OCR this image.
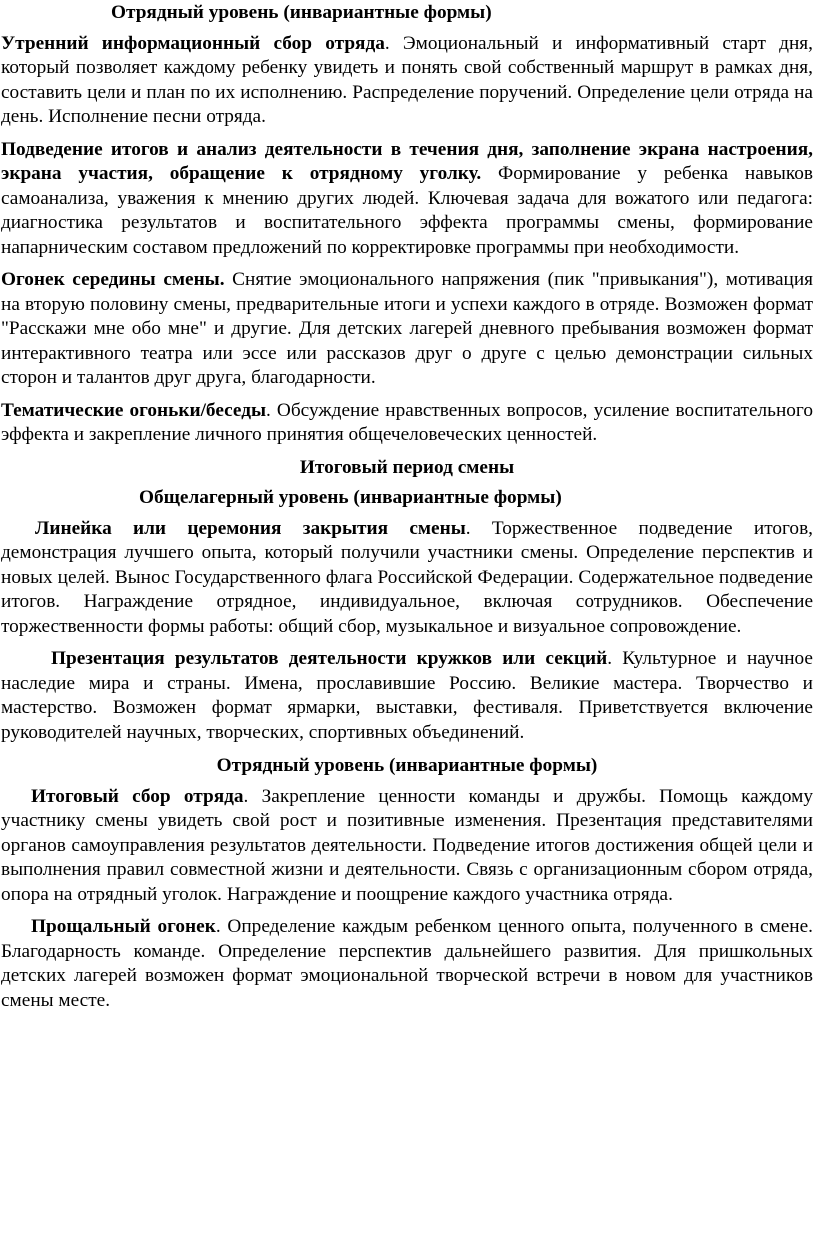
Отрядный уровень (инвариантные формы)

Утренний информационный сбор отряда. Эмоциональный и информативный старт дня, который позволяет каждому ребенку увидеть и понять свой собственный маршрут в рамках дня, составить цели и план по их исполнению. Распределение поручений. Определение цели отряда на день. Исполнение песни отряда.

Подведение итогов и анализ деятельности в течения дня, заполнение экрана настроения, экрана участия, обращение к отрядному уголку. Формирование у ребенка навыков самоанализа, уважения к мнению других людей. Ключевая задача для вожатого или педагога: диагностика результатов и воспитательного эффекта программы смены, формирование напарническим составом предложений по корректировке программы при необходимости.

Огонек середины смены. Снятие эмоционального напряжения (пик "привыкания"), мотивация на вторую половину смены, предварительные итоги и успехи каждого в отряде. Возможен формат "Расскажи мне обо мне" и другие. Для детских лагерей дневного пребывания возможен формат интерактивного театра или эссе или рассказов друг о друге с целью демонстрации сильных сторон и талантов друг друга, благодарности.

Тематические огоньки/беседы. Обсуждение нравственных вопросов, усиление воспитательного эффекта и закрепление личного принятия общечеловеческих ценностей.

Итоговый период смены
Общелагерный уровень (инвариантные формы)

Линейка или церемония закрытия смены. Торжественное подведение итогов, демонстрация лучшего опыта, который получили участники смены. Определение перспектив и новых целей. Вынос Государственного флага Российской Федерации. Содержательное подведение итогов. Награждение отрядное, индивидуальное, включая сотрудников. Обеспечение торжественности формы работы: общий сбор, музыкальное и визуальное сопровождение.

Презентация результатов деятельности кружков или секций. Культурное и научное наследие мира и страны. Имена, прославившие Россию. Великие мастера. Творчество и мастерство. Возможен формат ярмарки, выставки, фестиваля. Приветствуется включение руководителей научных, творческих, спортивных объединений.

Отрядный уровень (инвариантные формы)

Итоговый сбор отряда. Закрепление ценности команды и дружбы. Помощь каждому участнику смены увидеть свой рост и позитивные изменения. Презентация представителями органов самоуправления результатов деятельности. Подведение итогов достижения общей цели и выполнения правил совместной жизни и деятельности. Связь с организационным сбором отряда, опора на отрядный уголок. Награждение и поощрение каждого участника отряда.

Прощальный огонек. Определение каждым ребенком ценного опыта, полученного в смене. Благодарность команде. Определение перспектив дальнейшего развития. Для пришкольных детских лагерей возможен формат эмоциональной творческой встречи в новом для участников смены месте.
